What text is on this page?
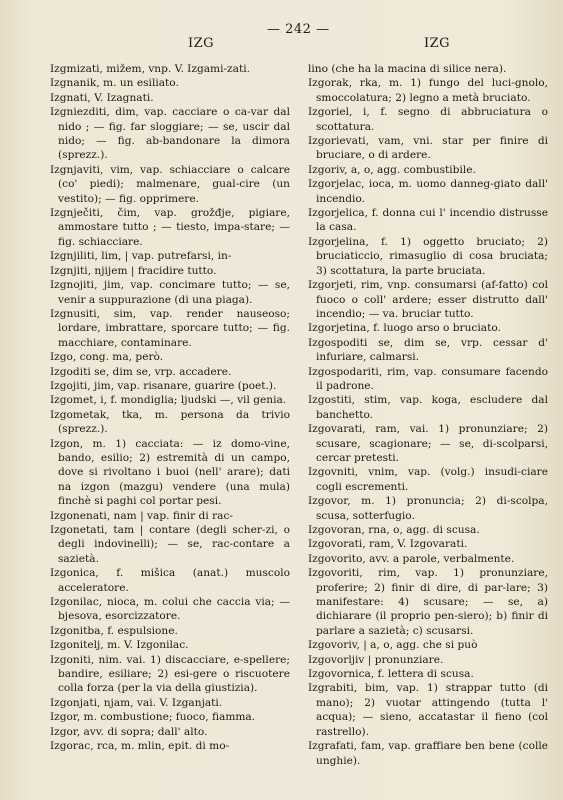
IZG
— 242 —
IZG
Izgmizati, mižem, vnp. V. Izgami-zati.
Izgnanik, m. un esiliato.
Izgnati, V. Izagnati.
Izgniezditi, dim, vap. cacciare o ca-var dal nido ; — fig. far sloggiare; — se, uscir dal nido; — fig. ab-bandonare la dimora (sprezz.).
Izgnjaviti, vim, vap. schiacciare o calcare (co' piedi); malmenare, gual-cire (un vestito); — fig. opprimere.
Izgnječiti, čim, vap. grožđje, pigiare, ammostare tutto ; — tiesto, impa-stare; — fig. schiacciare.
Izgnjiliti, lim, | vap. putrefarsi, in-
Izgnjiti, njijem | fracidire tutto.
Izgnojiti, jim, vap. concimare tutto; — se, venir a suppurazione (di una piaga).
Izgnusiti, sim, vap. render nauseoso; lordare, imbrattare, sporcare tutto; — fig. macchiare, contaminare.
Izgo, cong. ma, però.
Izgoditi se, dim se, vrp. accadere.
Izgojiti, jim, vap. risanare, guarire (poet.).
Izgomet, i, f. mondiglia; ljudski —, vil genia.
Izgometak, tka, m. persona da trivio (sprezz.).
Izgon, m. 1) cacciata: — iz domo-vine, bando, esilio; 2) estremità di un campo, dove si rivoltano i buoi (nell' arare); dati na izgon (mazgu) vendere (una mula) finchè si paghi col portar pesi.
Izgonenati, nam | vap. finir di rac-
Izgonetati, tam | contare (degli scher-zi, o degli indovinelli); — se, rac-contare a sazietà.
Izgonica, f. mišica (anat.) muscolo acceleratore.
Izgonilac, nioca, m. colui che caccia via; — bjesova, esorcizzatore.
Izgonitba, f. espulsione.
Izgonitelj, m. V. Izgonilac.
Izgoniti, nim. vai. 1) discacciare, e-spellere; bandire, esiliare; 2) esi-gere o riscuotere colla forza (per la via della giustizia).
Izgonjati, njam, vai. V. Izganjati.
Izgor, m. combustione; fuoco, fiamma.
Izgor, avv. di sopra; dall' alto.
Izgorac, rca, m. mlin, epit. di mo-
lino (che ha la macina di silice nera).
Izgorak, rka, m. 1) fungo del luci-gnolo, smoccolatura; 2) legno a metà bruciato.
Izgoriel, i, f. segno di abbruciatura o scottatura.
Izgorievati, vam, vni. star per finire di bruciare, o di ardere.
Izgoriv, a, o, agg. combustibile.
Izgorjelac, ioca, m. uomo danneg-giato dall' incendio.
Izgorjelica, f. donna cui l' incendio distrusse la casa.
Izgorjelina, f. 1) oggetto bruciato; 2) bruciaticcio, rimasuglio di cosa bruciata; 3) scottatura, la parte bruciata.
Izgorjeti, rim, vnp. consumarsi (af-fatto) col fuoco o coll' ardere; esser distrutto dall' incendio; — va. bruciar tutto.
Izgorjetina, f. luogo arso o bruciato.
Izgospoditi se, dim se, vrp. cessar d' infuriare, calmarsi.
Izgospodariti, rim, vap. consumare facendo il padrone.
Izgostiti, stim, vap. koga, escludere dal banchetto.
Izgovarati, ram, vai. 1) pronunziare; 2) scusare, scagionare; — se, di-scolparsi, cercar pretesti.
Izgovniti, vnim, vap. (volg.) insudi-ciare cogli escrementi.
Izgovor, m. 1) pronuncia; 2) di-scolpa, scusa, sotterfugio.
Izgovoran, rna, o, agg. di scusa.
Izgovorati, ram, V. Izgovarati.
Izgovorito, avv. a parole, verbalmente.
Izgovoriti, rim, vap. 1) pronunziare, proferire; 2) finir di dire, di par-lare; 3) manifestare: 4) scusare; — se, a) dichiarare (il proprio pen-siero); b) finir di parlare a sazietà; c) scusarsi.
Izgovoriv, | a, o, agg. che si può
Izgovorljiv | pronunziare.
Izgovornica, f. lettera di scusa.
Izgrabiti, bim, vap. 1) strappar tutto (di mano); 2) vuotar attingendo (tutta l' acqua); — sieno, accatastar il fieno (col rastrello).
Izgrafati, fam, vap. graffiare ben bene (colle unghie).
